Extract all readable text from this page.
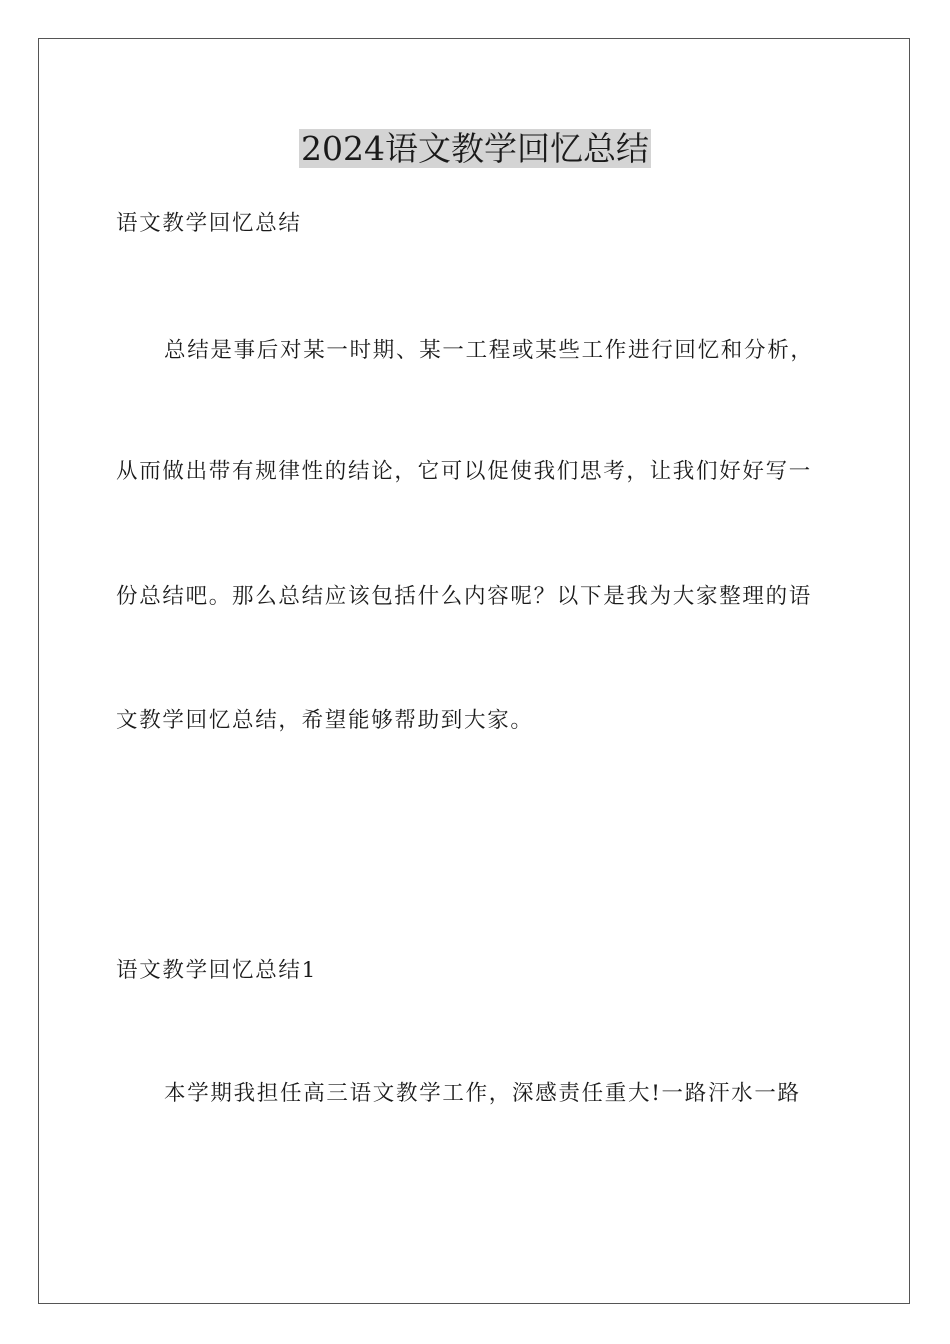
2024语文教学回忆总结
语文教学回忆总结
总结是事后对某一时期、某一工程或某些工作进行回忆和分析，
从而做出带有规律性的结论，它可以促使我们思考，让我们好好写一
份总结吧。那么总结应该包括什么内容呢？以下是我为大家整理的语
文教学回忆总结，希望能够帮助到大家。
语文教学回忆总结1
本学期我担任高三语文教学工作，深感责任重大!一路汗水一路
